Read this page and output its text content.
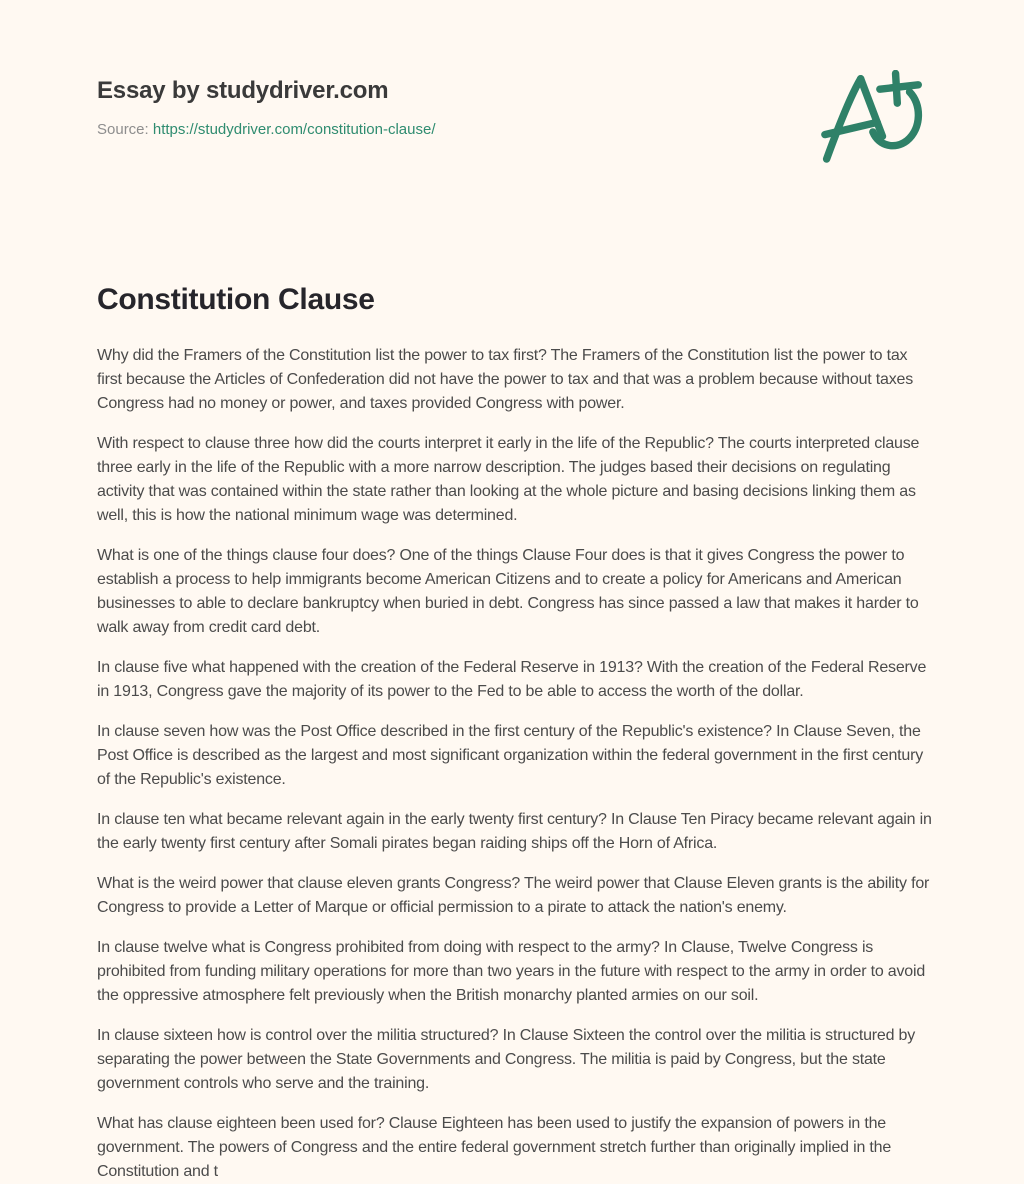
Essay by studydriver.com

Source: https://studydriver.com/constitution-clause/

Constitution Clause

Why did the Framers of the Constitution list the power to tax first? The Framers of the Constitution list the power to tax first because the Articles of Confederation did not have the power to tax and that was a problem because without taxes Congress had no money or power, and taxes provided Congress with power.

With respect to clause three how did the courts interpret it early in the life of the Republic? The courts interpreted clause three early in the life of the Republic with a more narrow description. The judges based their decisions on regulating activity that was contained within the state rather than looking at the whole picture and basing decisions linking them as well, this is how the national minimum wage was determined.

What is one of the things clause four does? One of the things Clause Four does is that it gives Congress the power to establish a process to help immigrants become American Citizens and to create a policy for Americans and American businesses to able to declare bankruptcy when buried in debt. Congress has since passed a law that makes it harder to walk away from credit card debt.

In clause five what happened with the creation of the Federal Reserve in 1913? With the creation of the Federal Reserve in 1913, Congress gave the majority of its power to the Fed to be able to access the worth of the dollar.

In clause seven how was the Post Office described in the first century of the Republic's existence? In Clause Seven, the Post Office is described as the largest and most significant organization within the federal government in the first century of the Republic's existence.

In clause ten what became relevant again in the early twenty first century? In Clause Ten Piracy became relevant again in the early twenty first century after Somali pirates began raiding ships off the Horn of Africa.

What is the weird power that clause eleven grants Congress? The weird power that Clause Eleven grants is the ability for Congress to provide a Letter of Marque or official permission to a pirate to attack the nation's enemy.

In clause twelve what is Congress prohibited from doing with respect to the army? In Clause, Twelve Congress is prohibited from funding military operations for more than two years in the future with respect to the army in order to avoid the oppressive atmosphere felt previously when the British monarchy planted armies on our soil.

In clause sixteen how is control over the militia structured? In Clause Sixteen the control over the militia is structured by separating the power between the State Governments and Congress. The militia is paid by Congress, but the state government controls who serve and the training.

What has clause eighteen been used for? Clause Eighteen has been used to justify the expansion of powers in the government. The powers of Congress and the entire federal government stretch further than originally implied in the Constitution and t
